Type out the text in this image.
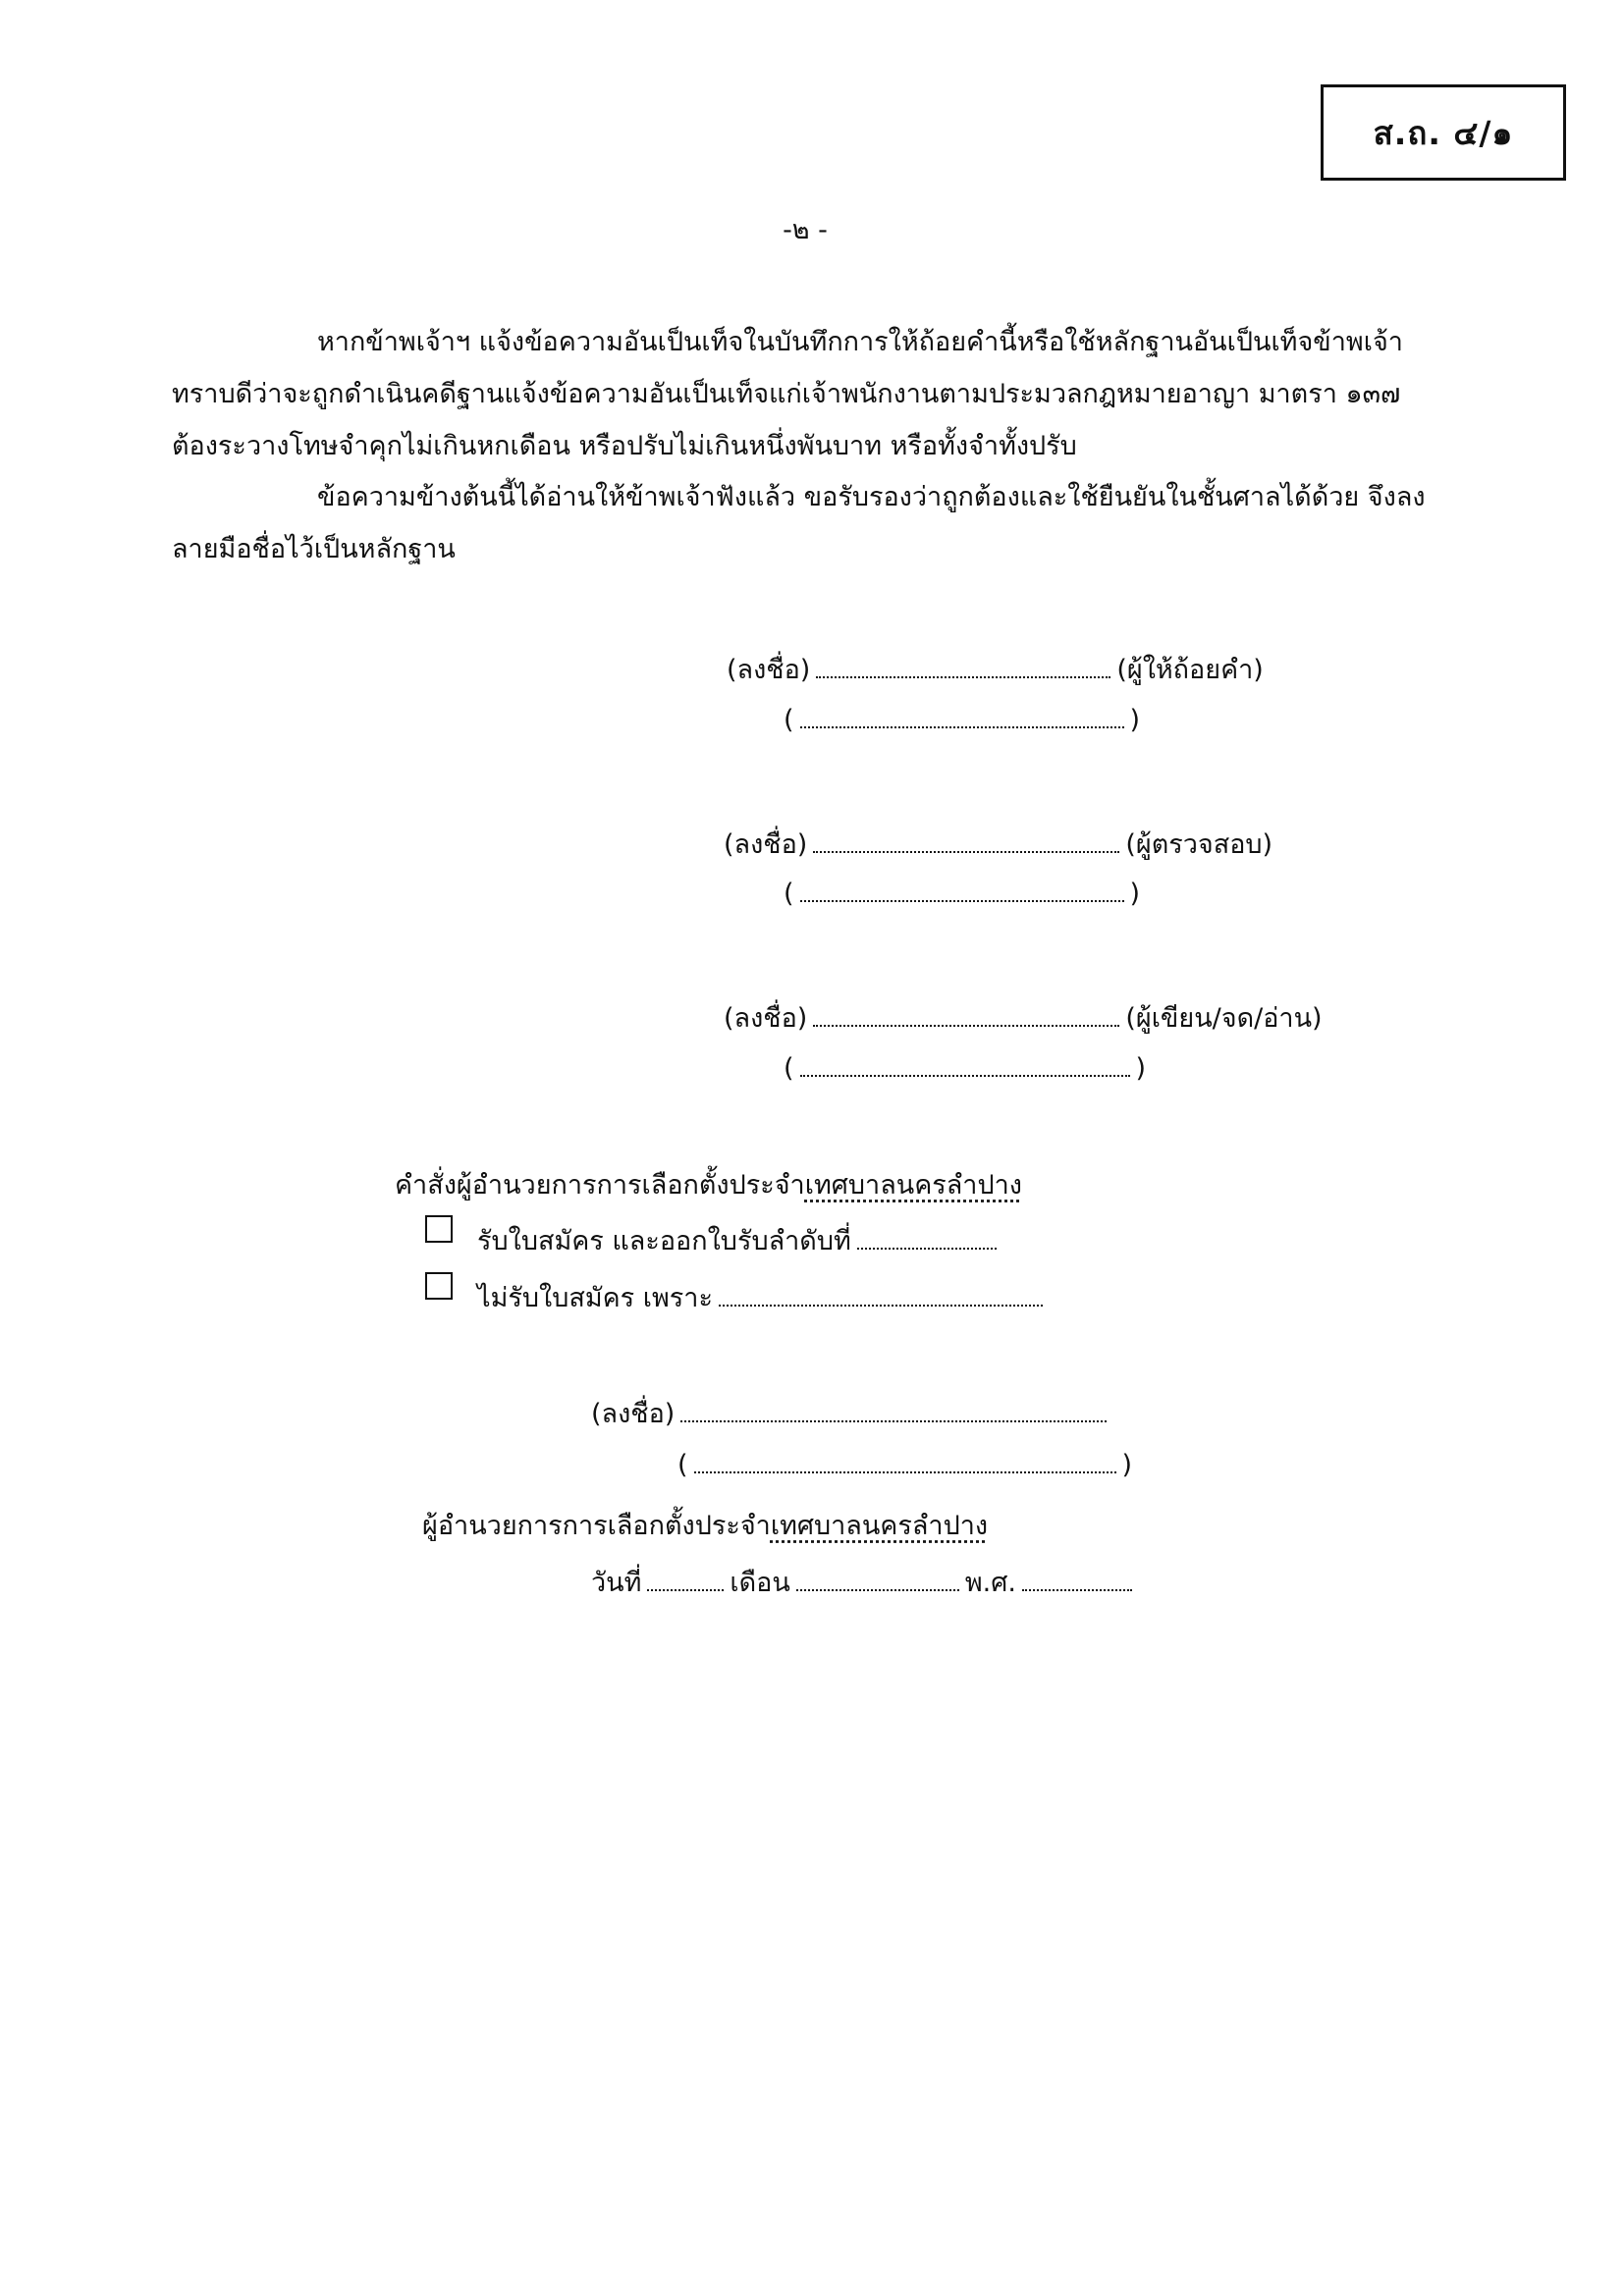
ส.ถ. ๔/๑
-๒ -

หากข้าพเจ้าฯ แจ้งข้อความอันเป็นเท็จในบันทึกการให้ถ้อยคำนี้หรือใช้หลักฐานอันเป็นเท็จข้าพเจ้าทราบดีว่าจะถูกดำเนินคดีฐานแจ้งข้อความอันเป็นเท็จแก่เจ้าพนักงานตามประมวลกฎหมายอาญา มาตรา ๑๓๗ ต้องระวางโทษจำคุกไม่เกินหกเดือน หรือปรับไม่เกินหนึ่งพันบาท หรือทั้งจำทั้งปรับ

ข้อความข้างต้นนี้ได้อ่านให้ข้าพเจ้าฟังแล้ว ขอรับรองว่าถูกต้องและใช้ยืนยันในชั้นศาลได้ด้วย จึงลงลายมือชื่อไว้เป็นหลักฐาน

(ลงชื่อ)	(ผู้ให้ถ้อยคำ)
(	)
(ลงชื่อ)	(ผู้ตรวจสอบ)
(	)
(ลงชื่อ)	(ผู้เขียน/จด/อ่าน)
(	)
คำสั่งผู้อำนวยการการเลือกตั้งประจำเทศบาลนครลำปาง
รับใบสมัคร และออกใบรับลำดับที่
ไม่รับใบสมัคร เพราะ
(ลงชื่อ)
(	)
ผู้อำนวยการการเลือกตั้งประจำเทศบาลนครลำปาง
วันที่	เดือน	พ.ศ.
